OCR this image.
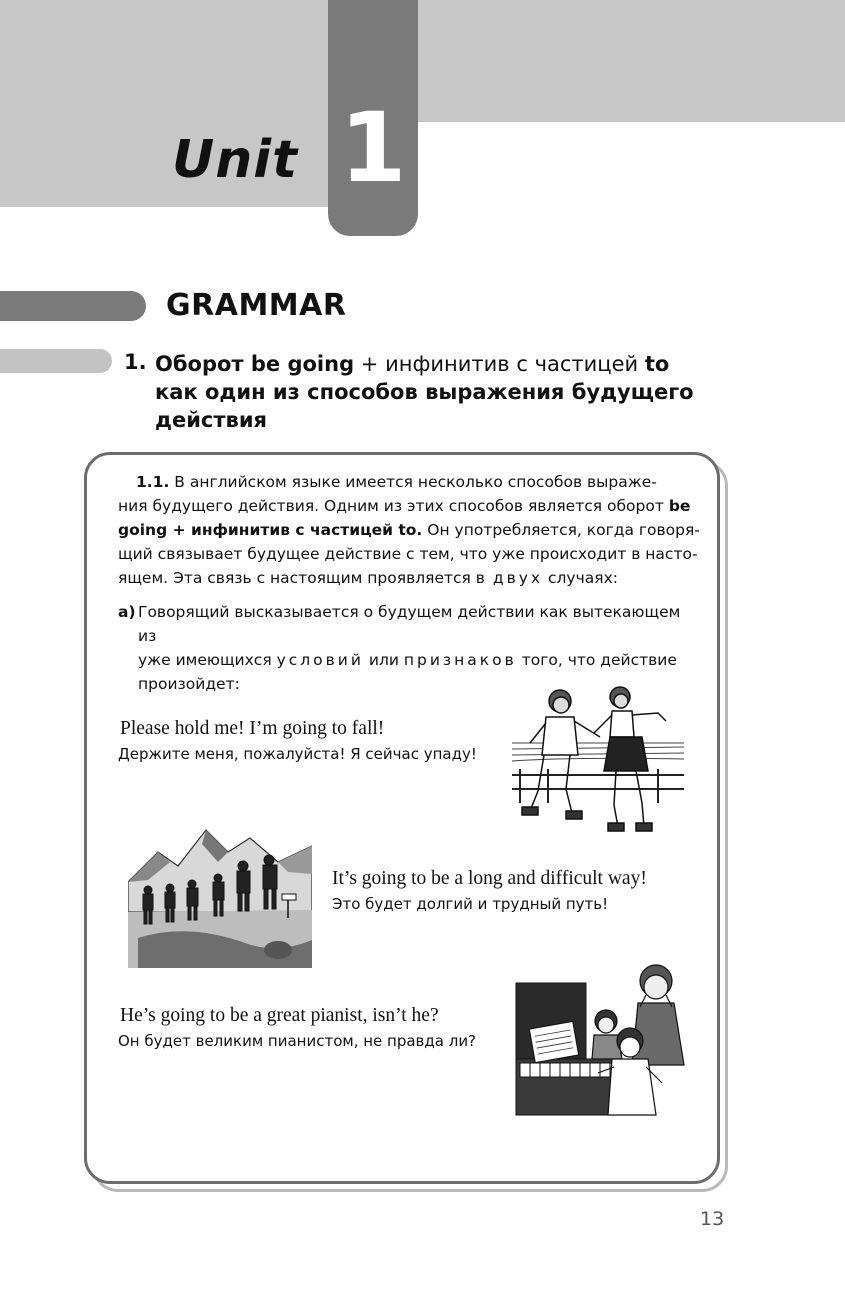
Unit 1
GRAMMAR
1. Оборот be going + инфинитив с частицей to
как один из способов выражения будущего
действия
1.1. В английском языке имеется несколько способов выраже-
ния будущего действия. Одним из этих способов является оборот be
going + инфинитив с частицей to. Он употребляется, когда говоря-
щий связывает будущее действие с тем, что уже происходит в насто-
ящем. Эта связь с настоящим проявляется в двух случаях:
a) Говорящий высказывается о будущем действии как вытекающем из
уже имеющихся условий или признаков того, что действие
произойдет:
Please hold me! I’m going to fall!
Держите меня, пожалуйста! Я сейчас упаду!
It’s going to be a long and difficult way!
Это будет долгий и трудный путь!
He’s going to be a great pianist, isn’t he?
Он будет великим пианистом, не правда ли?
13
